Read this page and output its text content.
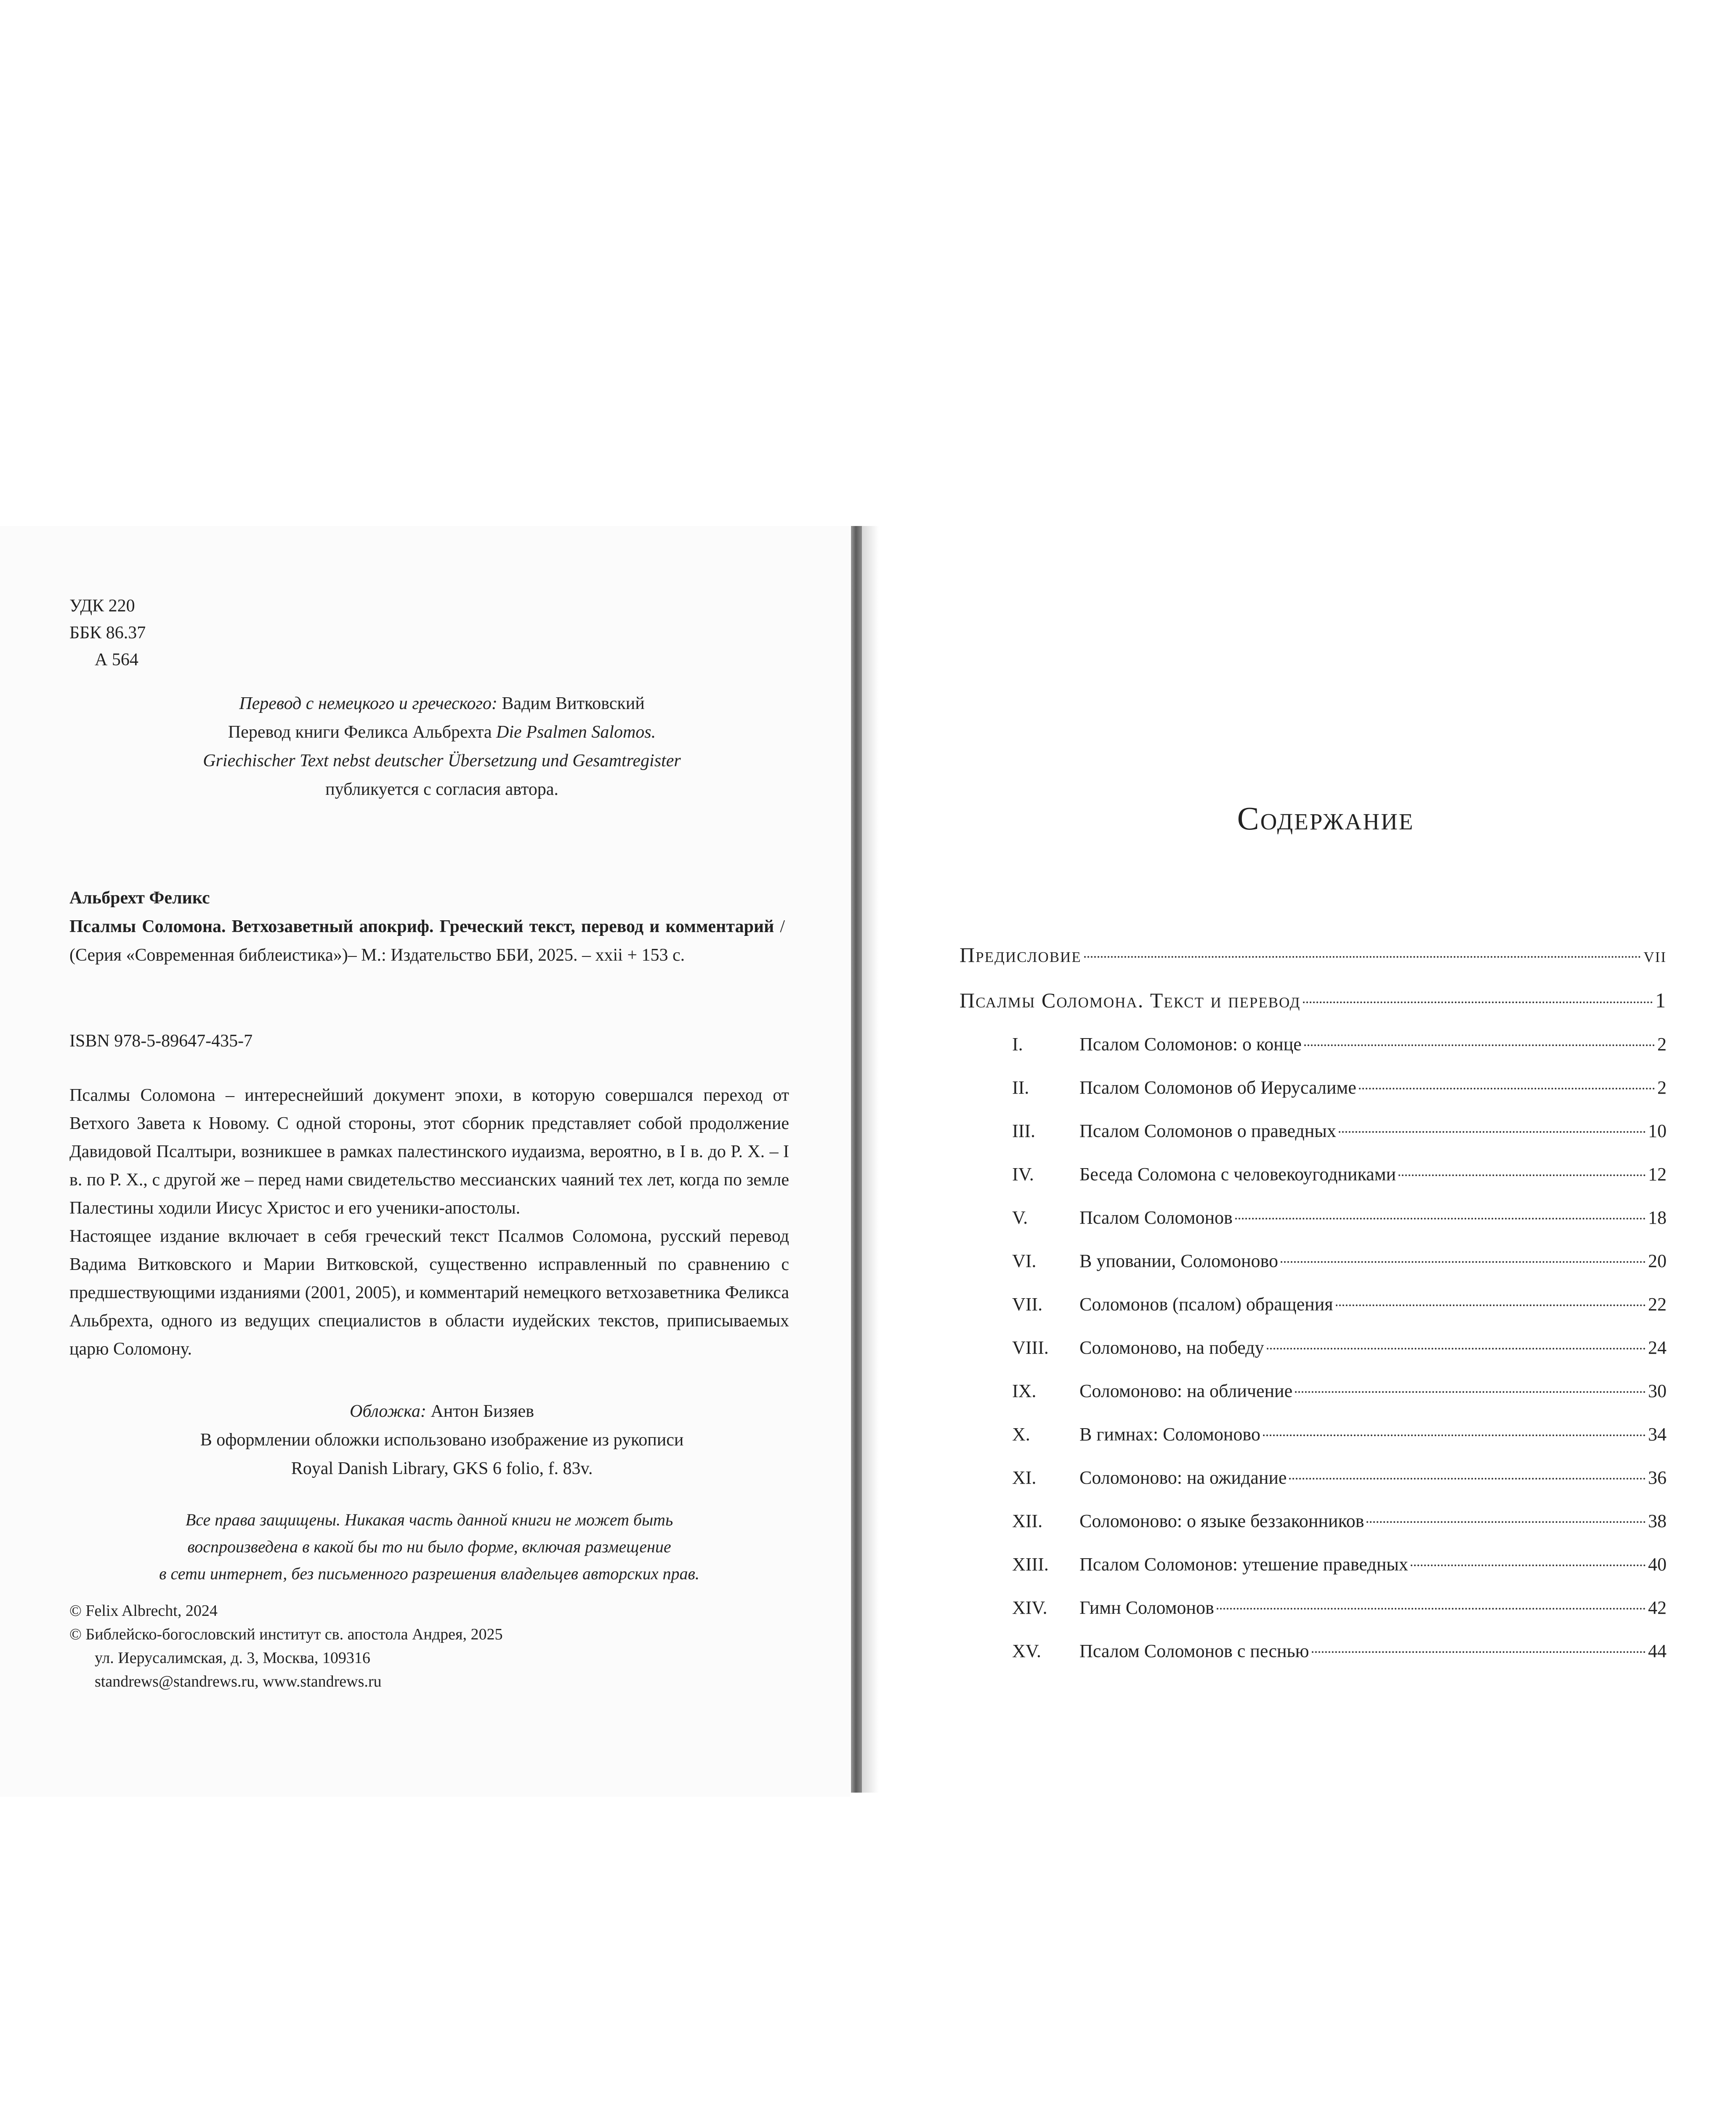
УДК 220
ББК 86.37
А 564
Перевод с немецкого и греческого: Вадим Витковский
Перевод книги Феликса Альбрехта Die Psalmen Salomos.
Griechischer Text nebst deutscher Übersetzung und Gesamtregister
публикуется с согласия автора.
Альбрехт Феликс
Псалмы Соломона. Ветхозаветный апокриф. Греческий текст, перевод и комментарий / (Серия «Современная библеистика»)– М.: Издательство ББИ, 2025. – xxii + 153 с.
ISBN 978-5-89647-435-7

Псалмы Соломона – интереснейший документ эпохи, в которую совершался переход от Ветхого Завета к Новому. С одной стороны, этот сборник представляет собой продолжение Давидовой Псалтыри, возникшее в рамках палестинского иудаизма, вероятно, в I в. до Р. Х. – I в. по Р. Х., с другой же – перед нами свидетельство мессианских чаяний тех лет, когда по земле Палестины ходили Иисус Христос и его ученики-апостолы.

Настоящее издание включает в себя греческий текст Псалмов Соломона, русский перевод Вадима Витковского и Марии Витковской, существенно исправленный по сравнению с предшествующими изданиями (2001, 2005), и комментарий немецкого ветхозаветника Феликса Альбрехта, одного из ведущих специалистов в области иудейских текстов, приписываемых царю Соломону.

Обложка: Антон Бизяев
В оформлении обложки использовано изображение из рукописи
Royal Danish Library, GKS 6 folio, f. 83v.
Все права защищены. Никакая часть данной книги не может быть
воспроизведена в какой бы то ни было форме, включая размещение
в сети интернет, без письменного разрешения владельцев авторских прав.
© Felix Albrecht, 2024
© Библейско-богословский институт св. апостола Андрея, 2025
ул. Иерусалимская, д. 3, Москва, 109316
standrews@standrews.ru, www.standrews.ru
Содержание
Предисловие	vii
Псалмы Соломона. Текст и перевод	1
I.	Псалом Соломонов: о конце	2
II.	Псалом Соломонов об Иерусалиме	2
III. Псалом Соломонов о праведных	10
IV. Беседа Соломона с человекоугодниками	12
V.	Псалом Соломонов	18
VI. В уповании, Соломоново	20
VII. Соломонов (псалом) обращения	22
VIII. Соломоново, на победу	24
IX. Соломоново: на обличение	30
X.	В гимнах: Соломоново	34
XI. Соломоново: на ожидание	36
XII. Соломоново: о языке беззаконников	38
XIII. Псалом Соломонов: утешение праведных	40
XIV. Гимн Соломонов	42
XV. Псалом Соломонов с песнью	44
